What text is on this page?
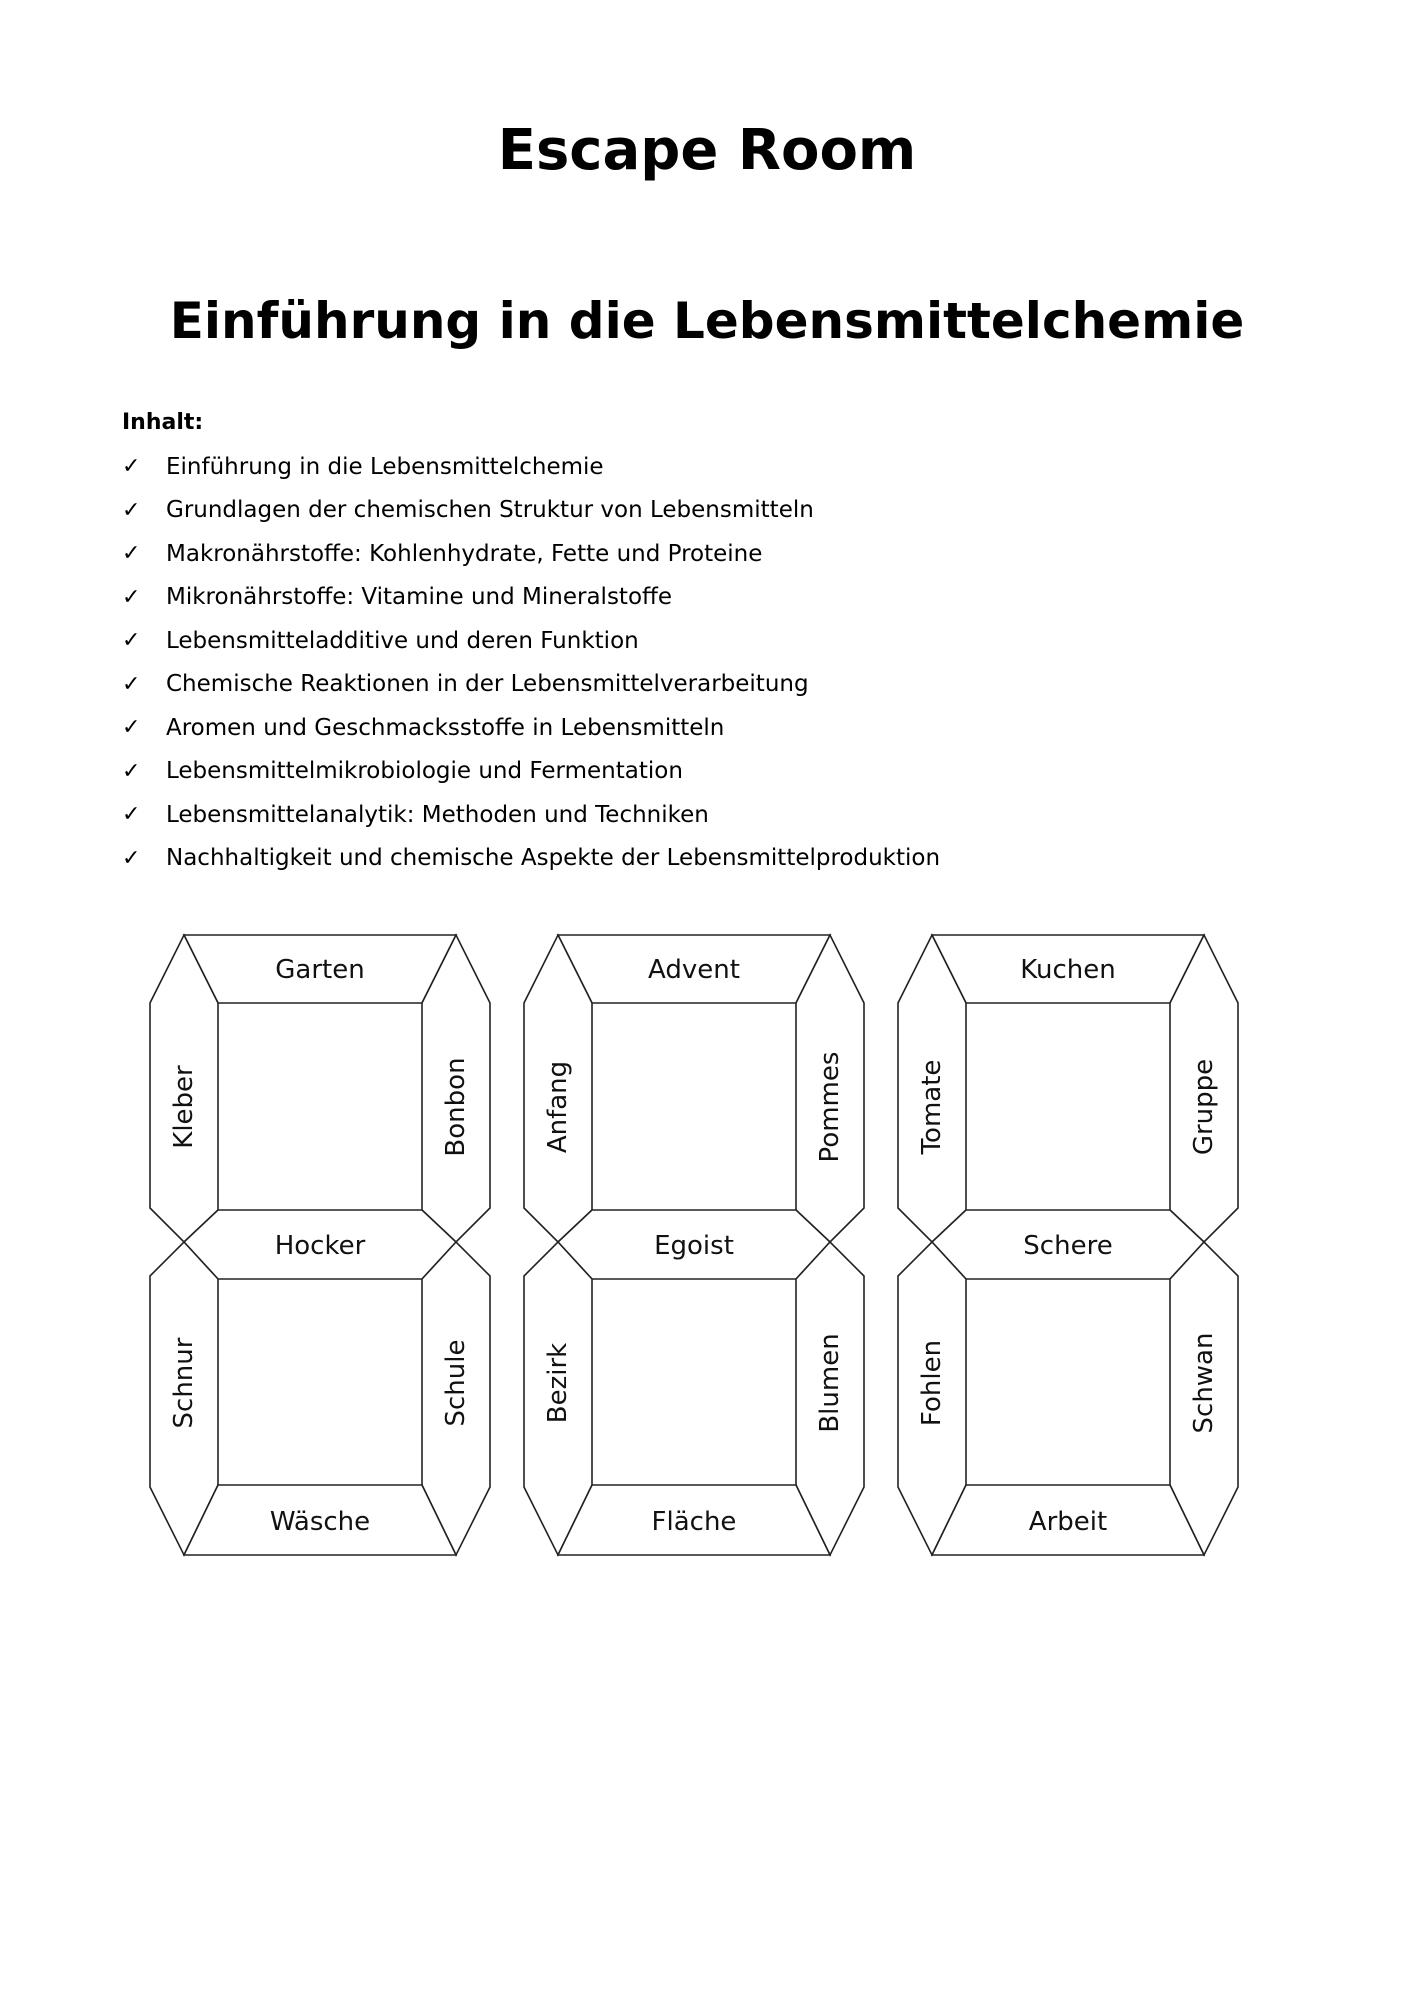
Escape Room
Einführung in die Lebensmittelchemie
Inhalt:
✓	Einführung in die Lebensmittelchemie
✓	Grundlagen der chemischen Struktur von Lebensmitteln
✓	Makronährstoffe: Kohlenhydrate, Fette und Proteine
✓	Mikronährstoffe: Vitamine und Mineralstoffe
✓	Lebensmitteladditive und deren Funktion
✓	Chemische Reaktionen in der Lebensmittelverarbeitung
✓	Aromen und Geschmacksstoffe in Lebensmitteln
✓	Lebensmittelmikrobiologie und Fermentation
✓	Lebensmittelanalytik: Methoden und Techniken
✓	Nachhaltigkeit und chemische Aspekte der Lebensmittelproduktion
Garten
Kleber	Bonbon
Hocker
Schnur	Schule
Wäsche
Advent
Anfang	Pommes
Egoist
Bezirk	Blumen
Fläche
Kuchen
Tomate	Gruppe
Schere
Fohlen	Schwan
Arbeit
